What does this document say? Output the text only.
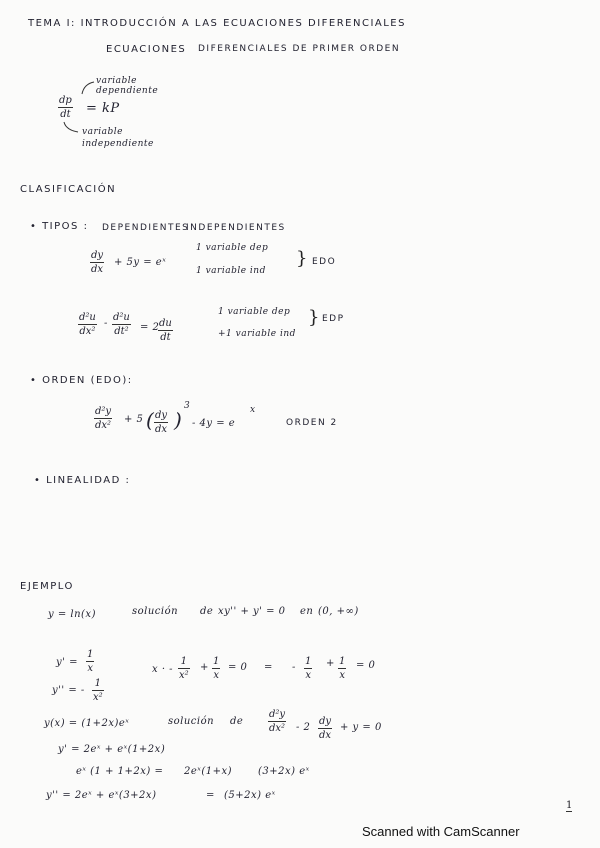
TEMA I: INTRODUCCIÓN A LAS ECUACIONES DIFERENCIALES
ECUACIONES DIFERENCIALES DE PRIMER ORDEN
variable dependiente
dp
dt = kP
variable independiente
CLASIFICACIÓN
• TIPOS : DEPENDIENTES
INDEPENDIENTES
dy
dx
+ 5y = eˣ
1 variable dep
1 variable ind
} EDO
d²u
dx²
-
d²u
dt² = 2 du
dt
1 variable dep
+1 variable ind
} EDP
• ORDEN (EDO):
d²y
dx²
+ 5 ( dy
dx )
3
- 4y = e
x
ORDEN 2
• LINEALIDAD :
EJEMPLO
y = ln(x)	solución de xy'' + y' = 0 en (0, +∞)
y' =
1
x
y'' = -
1
x²
x · -
1
x²
+
1
x
= 0 = -
1
x
+ 1
x
= 0
y(x) = (1+2x)eˣ	solución de
d²y
dx² - 2
dy
dx
+ y = 0
y' = 2eˣ + eˣ(1+2x)
eˣ (1 + 1+2x) = 2eˣ(1+x)	(3+2x) eˣ
y'' = 2eˣ + eˣ(3+2x)	= (5+2x) eˣ
1
Scanned with CamScanner
